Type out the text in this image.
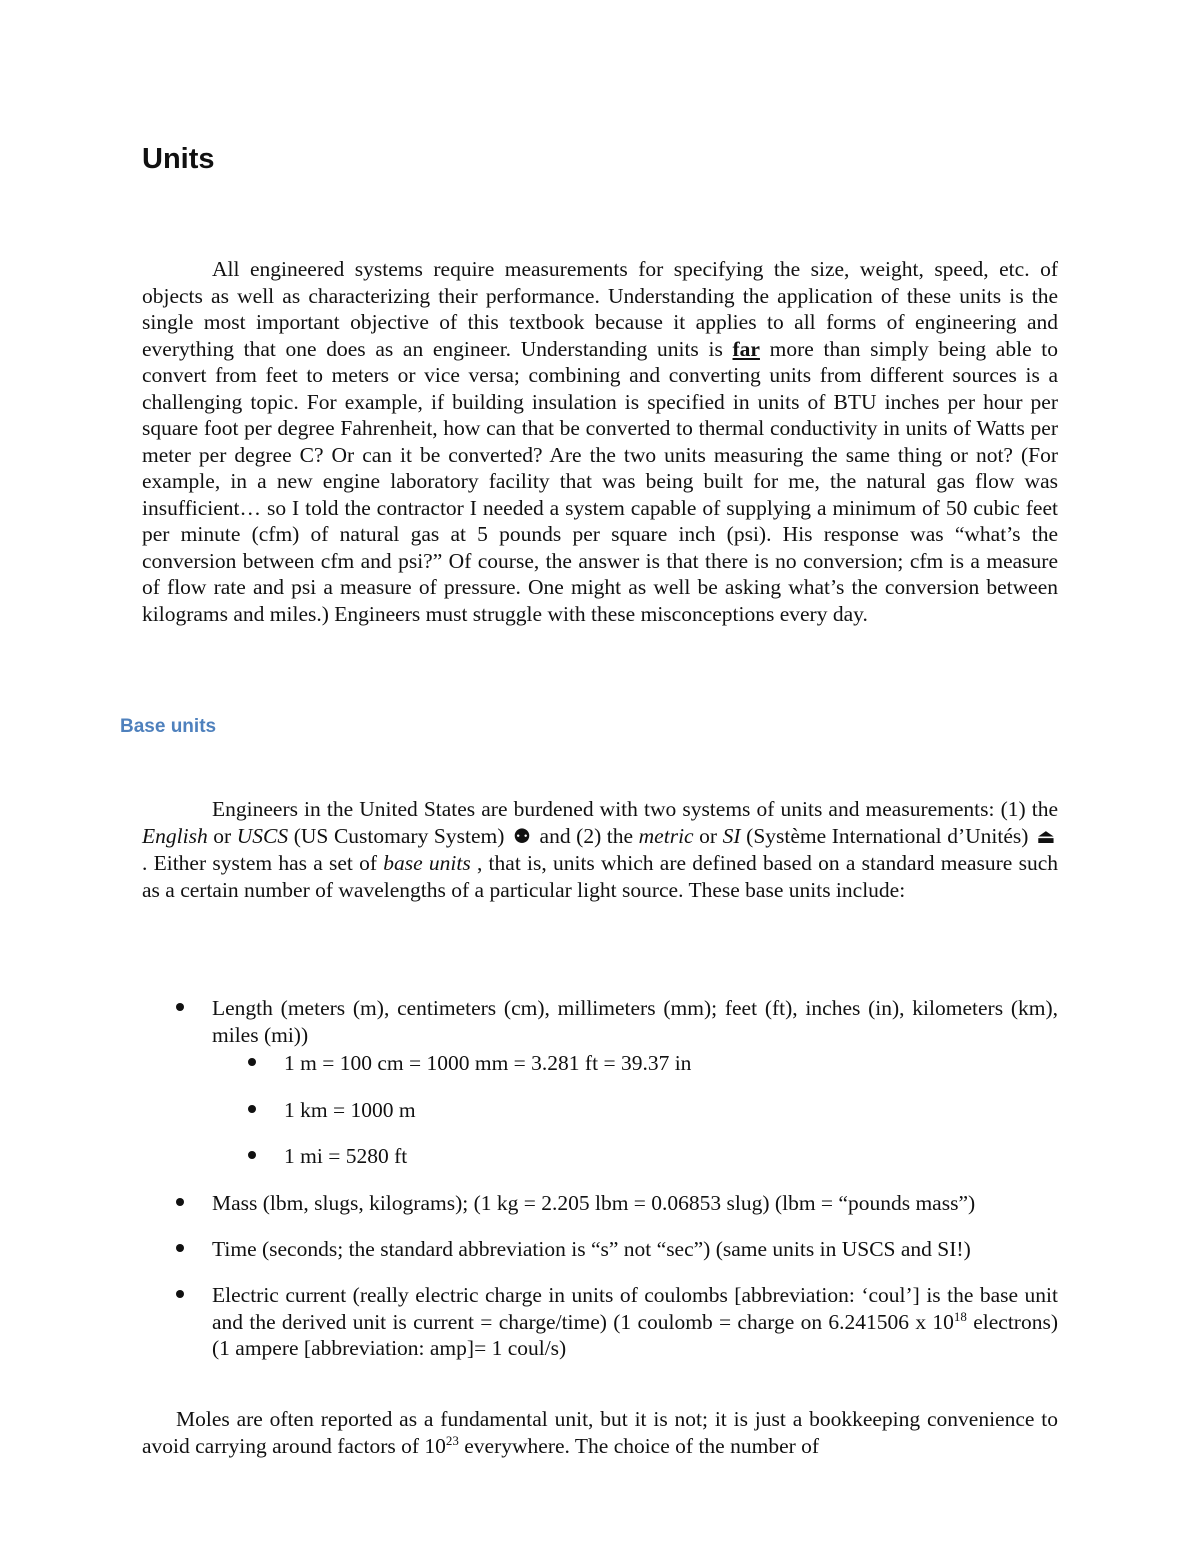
Units

All engineered systems require measurements for specifying the size, weight, speed, etc. of objects as well as characterizing their performance. Understanding the application of these units is the single most important objective of this textbook because it applies to all forms of engineering and everything that one does as an engineer. Understanding units is far more than simply being able to convert from feet to meters or vice versa; combining and converting units from different sources is a challenging topic. For example, if building insulation is specified in units of BTU inches per hour per square foot per degree Fahrenheit, how can that be converted to thermal conductivity in units of Watts per meter per degree C? Or can it be converted? Are the two units measuring the same thing or not? (For example, in a new engine laboratory facility that was being built for me, the natural gas flow was insufficient… so I told the contractor I needed a system capable of supplying a minimum of 50 cubic feet per minute (cfm) of natural gas at 5 pounds per square inch (psi). His response was “what’s the conversion between cfm and psi?” Of course, the answer is that there is no conversion; cfm is a measure of flow rate and psi a measure of pressure. One might as well be asking what’s the conversion between kilograms and miles.) Engineers must struggle with these misconceptions every day.

Base units

Engineers in the United States are burdened with two systems of units and measurements: (1) the English or USCS (US Customary System) ⚉ and (2) the metric or SI (Système International d’Unités) ⏏. Either system has a set of base units , that is, units which are defined based on a standard measure such as a certain number of wavelengths of a particular light source. These base units include:

Length (meters (m), centimeters (cm), millimeters (mm); feet (ft), inches (in), kilometers (km), miles (mi))

1 m = 100 cm = 1000 mm = 3.281 ft = 39.37 in

1 km = 1000 m

1 mi = 5280 ft

Mass (lbm, slugs, kilograms); (1 kg = 2.205 lbm = 0.06853 slug) (lbm = “pounds mass”)

Time (seconds; the standard abbreviation is “s” not “sec”) (same units in USCS and SI!)

Electric current (really electric charge in units of coulombs [abbreviation: ‘coul’] is the base unit and the derived unit is current = charge/time) (1 coulomb = charge on 6.241506 x $10^{18}$ electrons) (1 ampere [abbreviation: amp]= 1 coul/s)

Moles are often reported as a fundamental unit, but it is not; it is just a bookkeeping convenience to avoid carrying around factors of $10^{23}$ everywhere. The choice of the number of
